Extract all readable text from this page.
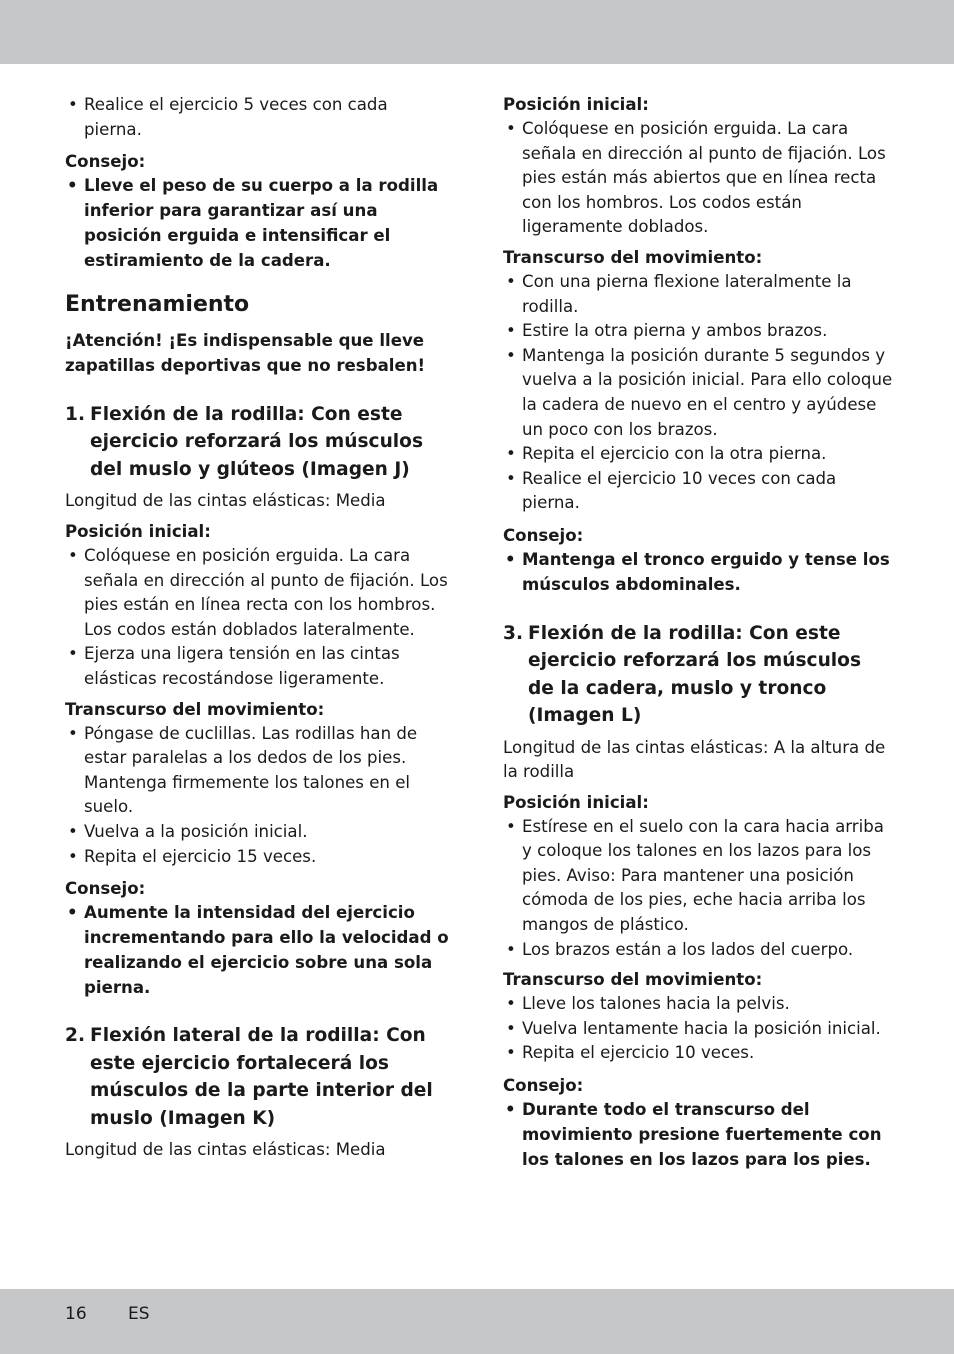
• Realice el ejercicio 5 veces con cada pierna.

Consejo:

• Lleve el peso de su cuerpo a la rodilla inferior para garantizar así una posición erguida e intensificar el estiramiento de la cadera.
Entrenamiento

¡Atención! ¡Es indispensable que lleve zapatillas deportivas que no resbalen!

1. Flexión de la rodilla: Con este ejercicio reforzará los músculos del muslo y glúteos (Imagen J)

Longitud de las cintas elásticas: Media

Posición inicial:

• Colóquese en posición erguida. La cara señala en dirección al punto de fijación. Los pies están en línea recta con los hombros. Los codos están doblados lateralmente.
• Ejerza una ligera tensión en las cintas elásticas recostándose ligeramente.

Transcurso del movimiento:

• Póngase de cuclillas. Las rodillas han de estar paralelas a los dedos de los pies. Mantenga firmemente los talones en el suelo.
• Vuelva a la posición inicial.
• Repita el ejercicio 15 veces.

Consejo:

• Aumente la intensidad del ejercicio incrementando para ello la velocidad o realizando el ejercicio sobre una sola pierna.
2. Flexión lateral de la rodilla: Con este ejercicio fortalecerá los músculos de la parte interior del muslo (Imagen K)

Longitud de las cintas elásticas: Media

Posición inicial:

• Colóquese en posición erguida. La cara señala en dirección al punto de fijación. Los pies están más abiertos que en línea recta con los hombros. Los codos están ligeramente doblados.

Transcurso del movimiento:

• Con una pierna flexione lateralmente la rodilla.
• Estire la otra pierna y ambos brazos.
• Mantenga la posición durante 5 segundos y vuelva a la posición inicial. Para ello coloque la cadera de nuevo en el centro y ayúdese un poco con los brazos.
• Repita el ejercicio con la otra pierna.
• Realice el ejercicio 10 veces con cada pierna.

Consejo:

• Mantenga el tronco erguido y tense los músculos abdominales.
3. Flexión de la rodilla: Con este ejercicio reforzará los músculos de la cadera, muslo y tronco (Imagen L)

Longitud de las cintas elásticas: A la altura de la rodilla

Posición inicial:

• Estírese en el suelo con la cara hacia arriba y coloque los talones en los lazos para los pies. Aviso: Para mantener una posición cómoda de los pies, eche hacia arriba los mangos de plástico.
• Los brazos están a los lados del cuerpo.

Transcurso del movimiento:

• Lleve los talones hacia la pelvis.
• Vuelva lentamente hacia la posición inicial.
• Repita el ejercicio 10 veces.

Consejo:

• Durante todo el transcurso del movimiento presione fuertemente con los talones en los lazos para los pies.
16 ES
